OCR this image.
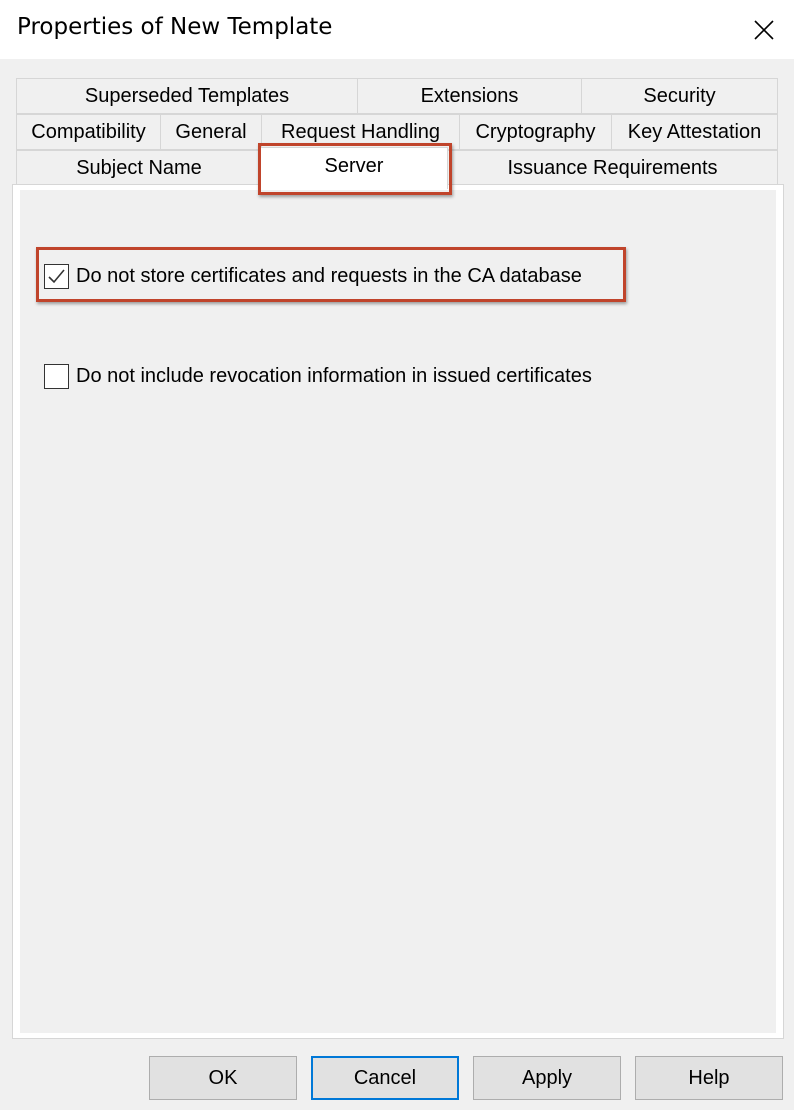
Properties of New Template
Superseded Templates	Extensions	Security
Compatibility General Request Handling Cryptography Key Attestation
Subject Name	Server	Issuance Requirements
Do not store certificates and requests in the CA database
Do not include revocation information in issued certificates
OK	Cancel	Apply	Help
